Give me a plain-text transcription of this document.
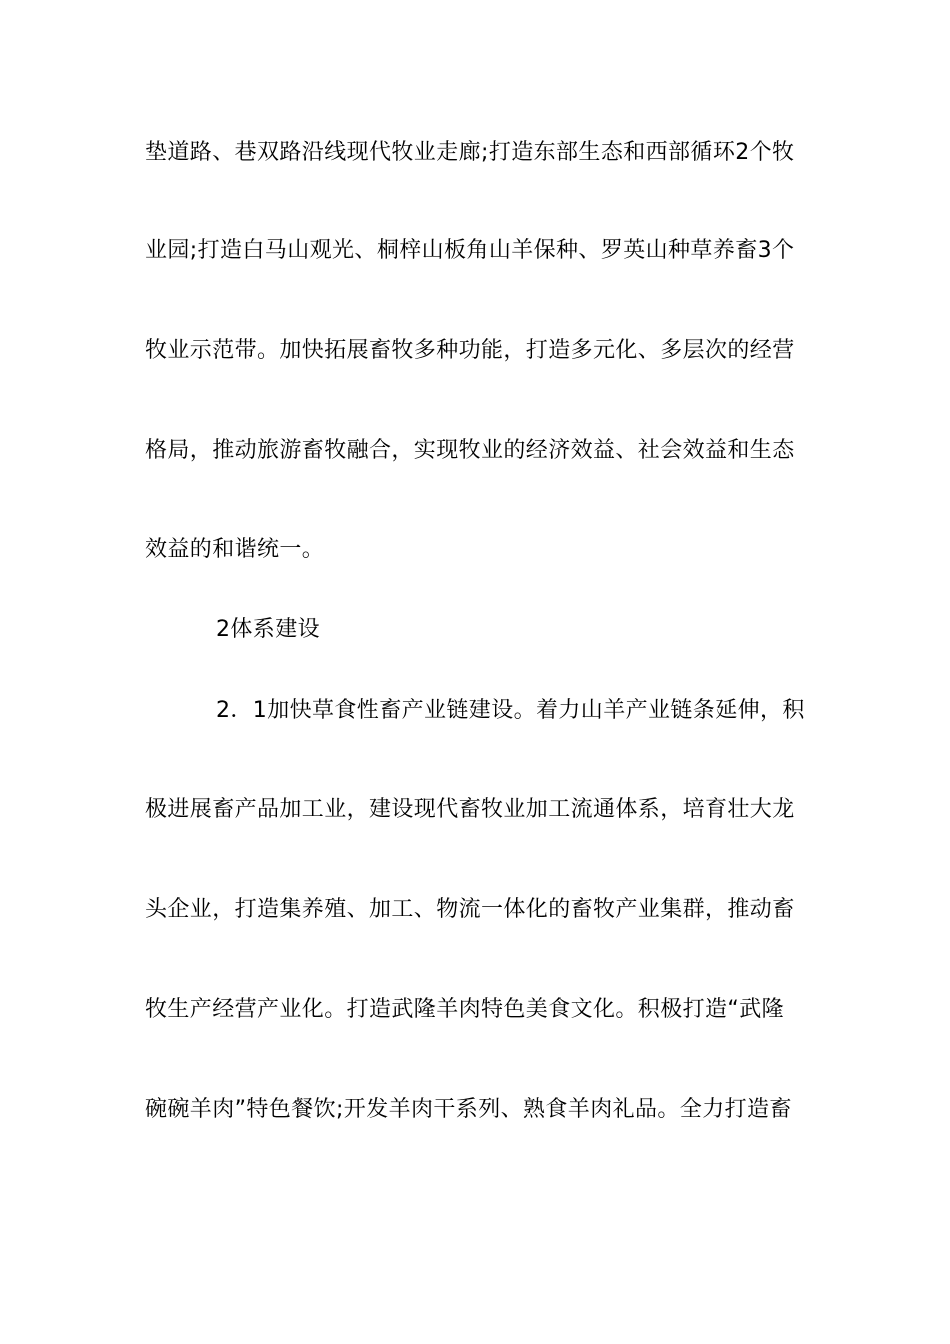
垫道路、巷双路沿线现代牧业走廊;打造东部生态和西部循环2个牧
业园;打造白马山观光、桐梓山板角山羊保种、罗英山种草养畜3个
牧业示范带。加快拓展畜牧多种功能，打造多元化、多层次的经营
格局，推动旅游畜牧融合，实现牧业的经济效益、社会效益和生态
效益的和谐统一。
2体系建设
2．1加快草食性畜产业链建设。着力山羊产业链条延伸，积
极进展畜产品加工业，建设现代畜牧业加工流通体系，培育壮大龙
头企业，打造集养殖、加工、物流一体化的畜牧产业集群，推动畜
牧生产经营产业化。打造武隆羊肉特色美食文化。积极打造“武隆
碗碗羊肉”特色餐饮;开发羊肉干系列、熟食羊肉礼品。全力打造畜
